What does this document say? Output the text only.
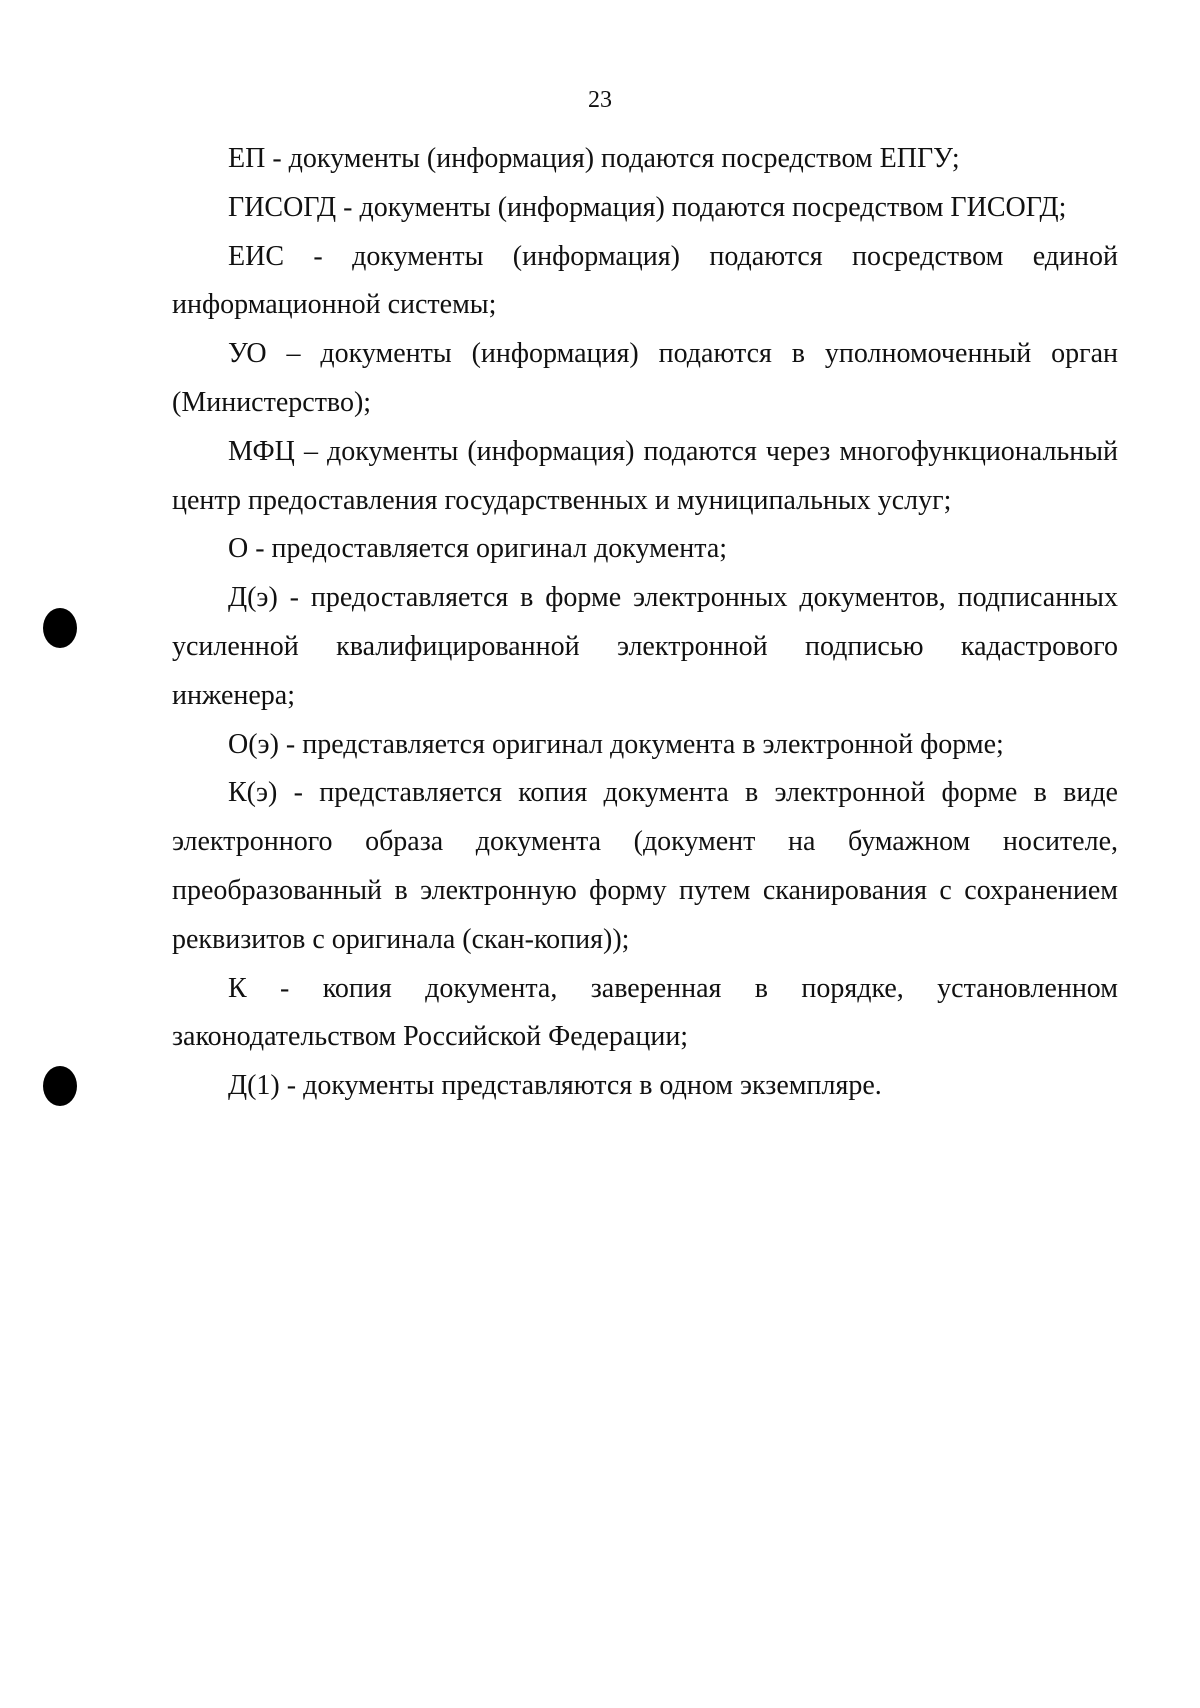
23

ЕП - документы (информация) подаются посредством ЕПГУ;

ГИСОГД - документы (информация) подаются посредством ГИСОГД;

ЕИС - документы (информация) подаются посредством единой информационной системы;

УО – документы (информация) подаются в уполномоченный орган (Министерство);

МФЦ – документы (информация) подаются через многофункциональный центр предоставления государственных и муниципальных услуг;

О - предоставляется оригинал документа;

Д(э) - предоставляется в форме электронных документов, подписанных усиленной квалифицированной электронной подписью кадастрового инженера;

О(э) - представляется оригинал документа в электронной форме;

К(э) - представляется копия документа в электронной форме в виде электронного образа документа (документ на бумажном носителе, преобразованный в электронную форму путем сканирования с сохранением реквизитов с оригинала (скан-копия));

К - копия документа, заверенная в порядке, установленном законодательством Российской Федерации;

Д(1) - документы представляются в одном экземпляре.
